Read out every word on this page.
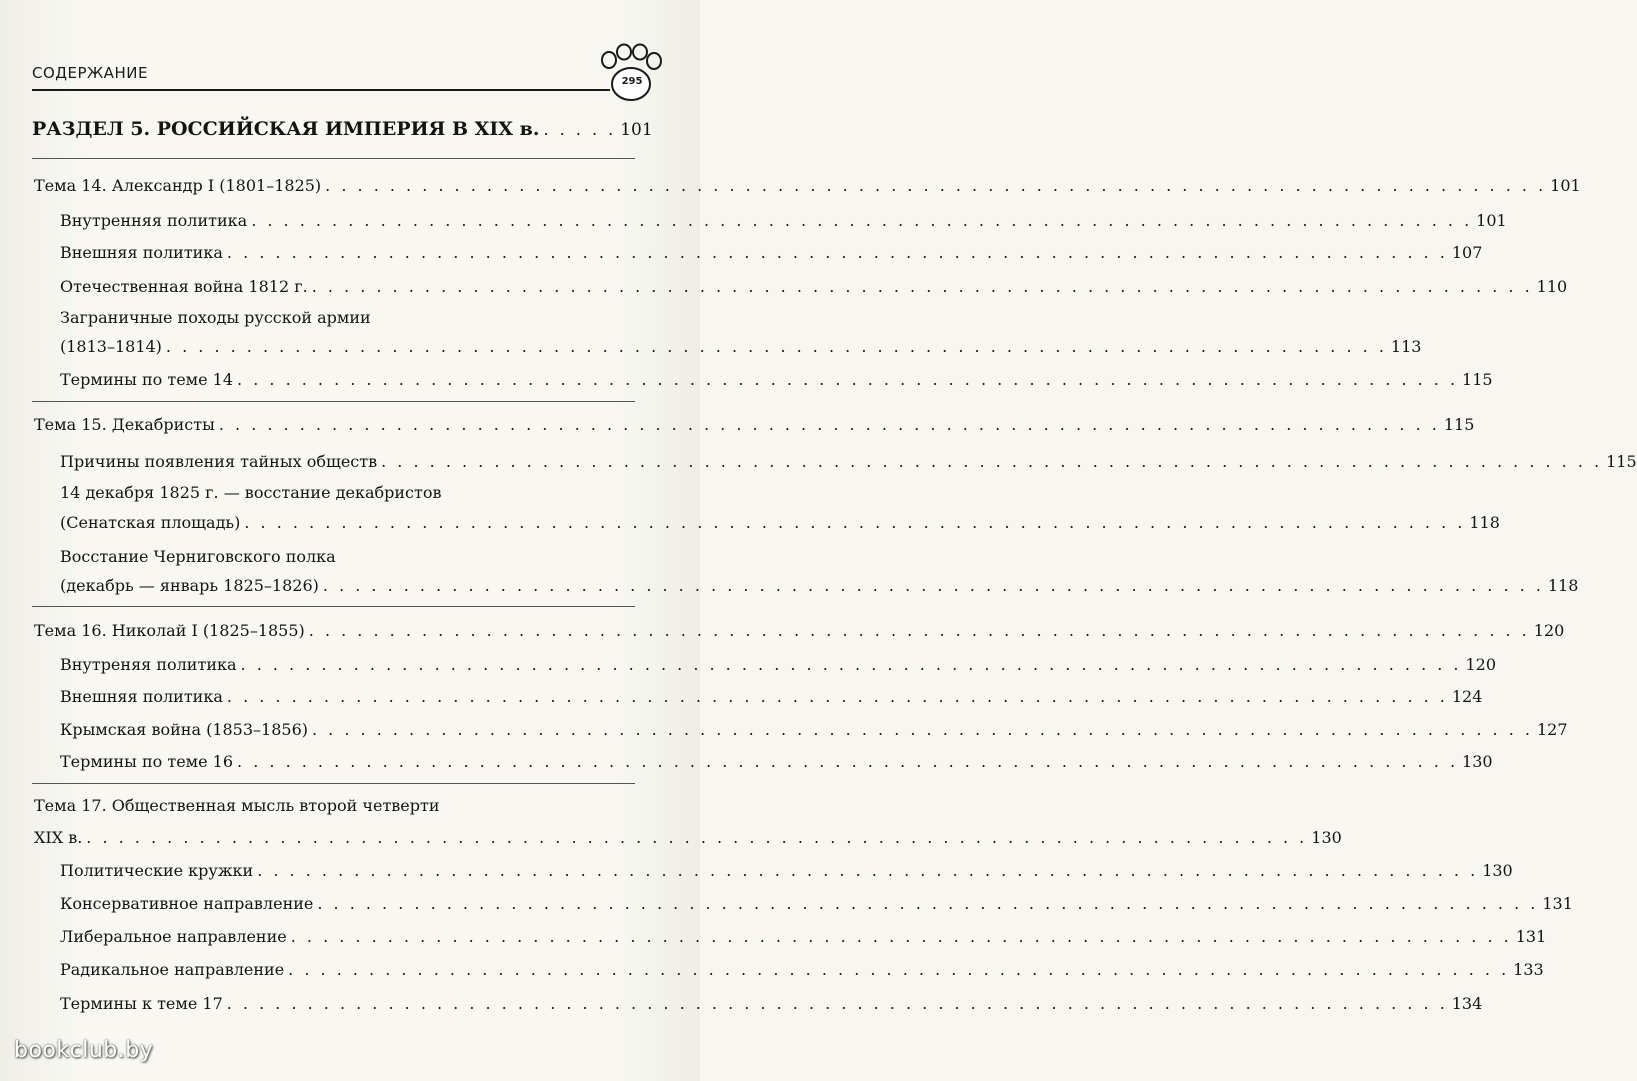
СОДЕРЖАНИЕ	295
РАЗДЕЛ 5. РОССИЙСКАЯ ИМПЕРИЯ В XIX в. . . . . . 101
Тема 14. Александр I (1801–1825) . . .	101
Внутренняя политика . . .	101
Внешняя политика . . .	107
Отечественная война 1812 г. . . .	110
Заграничные походы русской армии
(1813–1814) . . .	113
Термины по теме 14 . . .	115
Тема 15. Декабристы . . .	115
Причины появления тайных обществ . . .	115
14 декабря 1825 г. — восстание декабристов
(Сенатская площадь) . . .	118
Восстание Черниговского полка
(декабрь — январь 1825–1826) . . .	118
Тема 16. Николай I (1825–1855) . . .	120
Внутреняя политика . . .	120
Внешняя политика . . .	124
Крымская война (1853–1856) . . .	127
Термины по теме 16 . . .	130
Тема 17. Общественная мысль второй четверти
XIX в. . . .	130
Политические кружки . . .	130
Консервативное направление . . .	131
Либеральное направление . . .	131
Радикальное направление . . .	133
Термины к теме 17 . . .	134
bookclub.by
